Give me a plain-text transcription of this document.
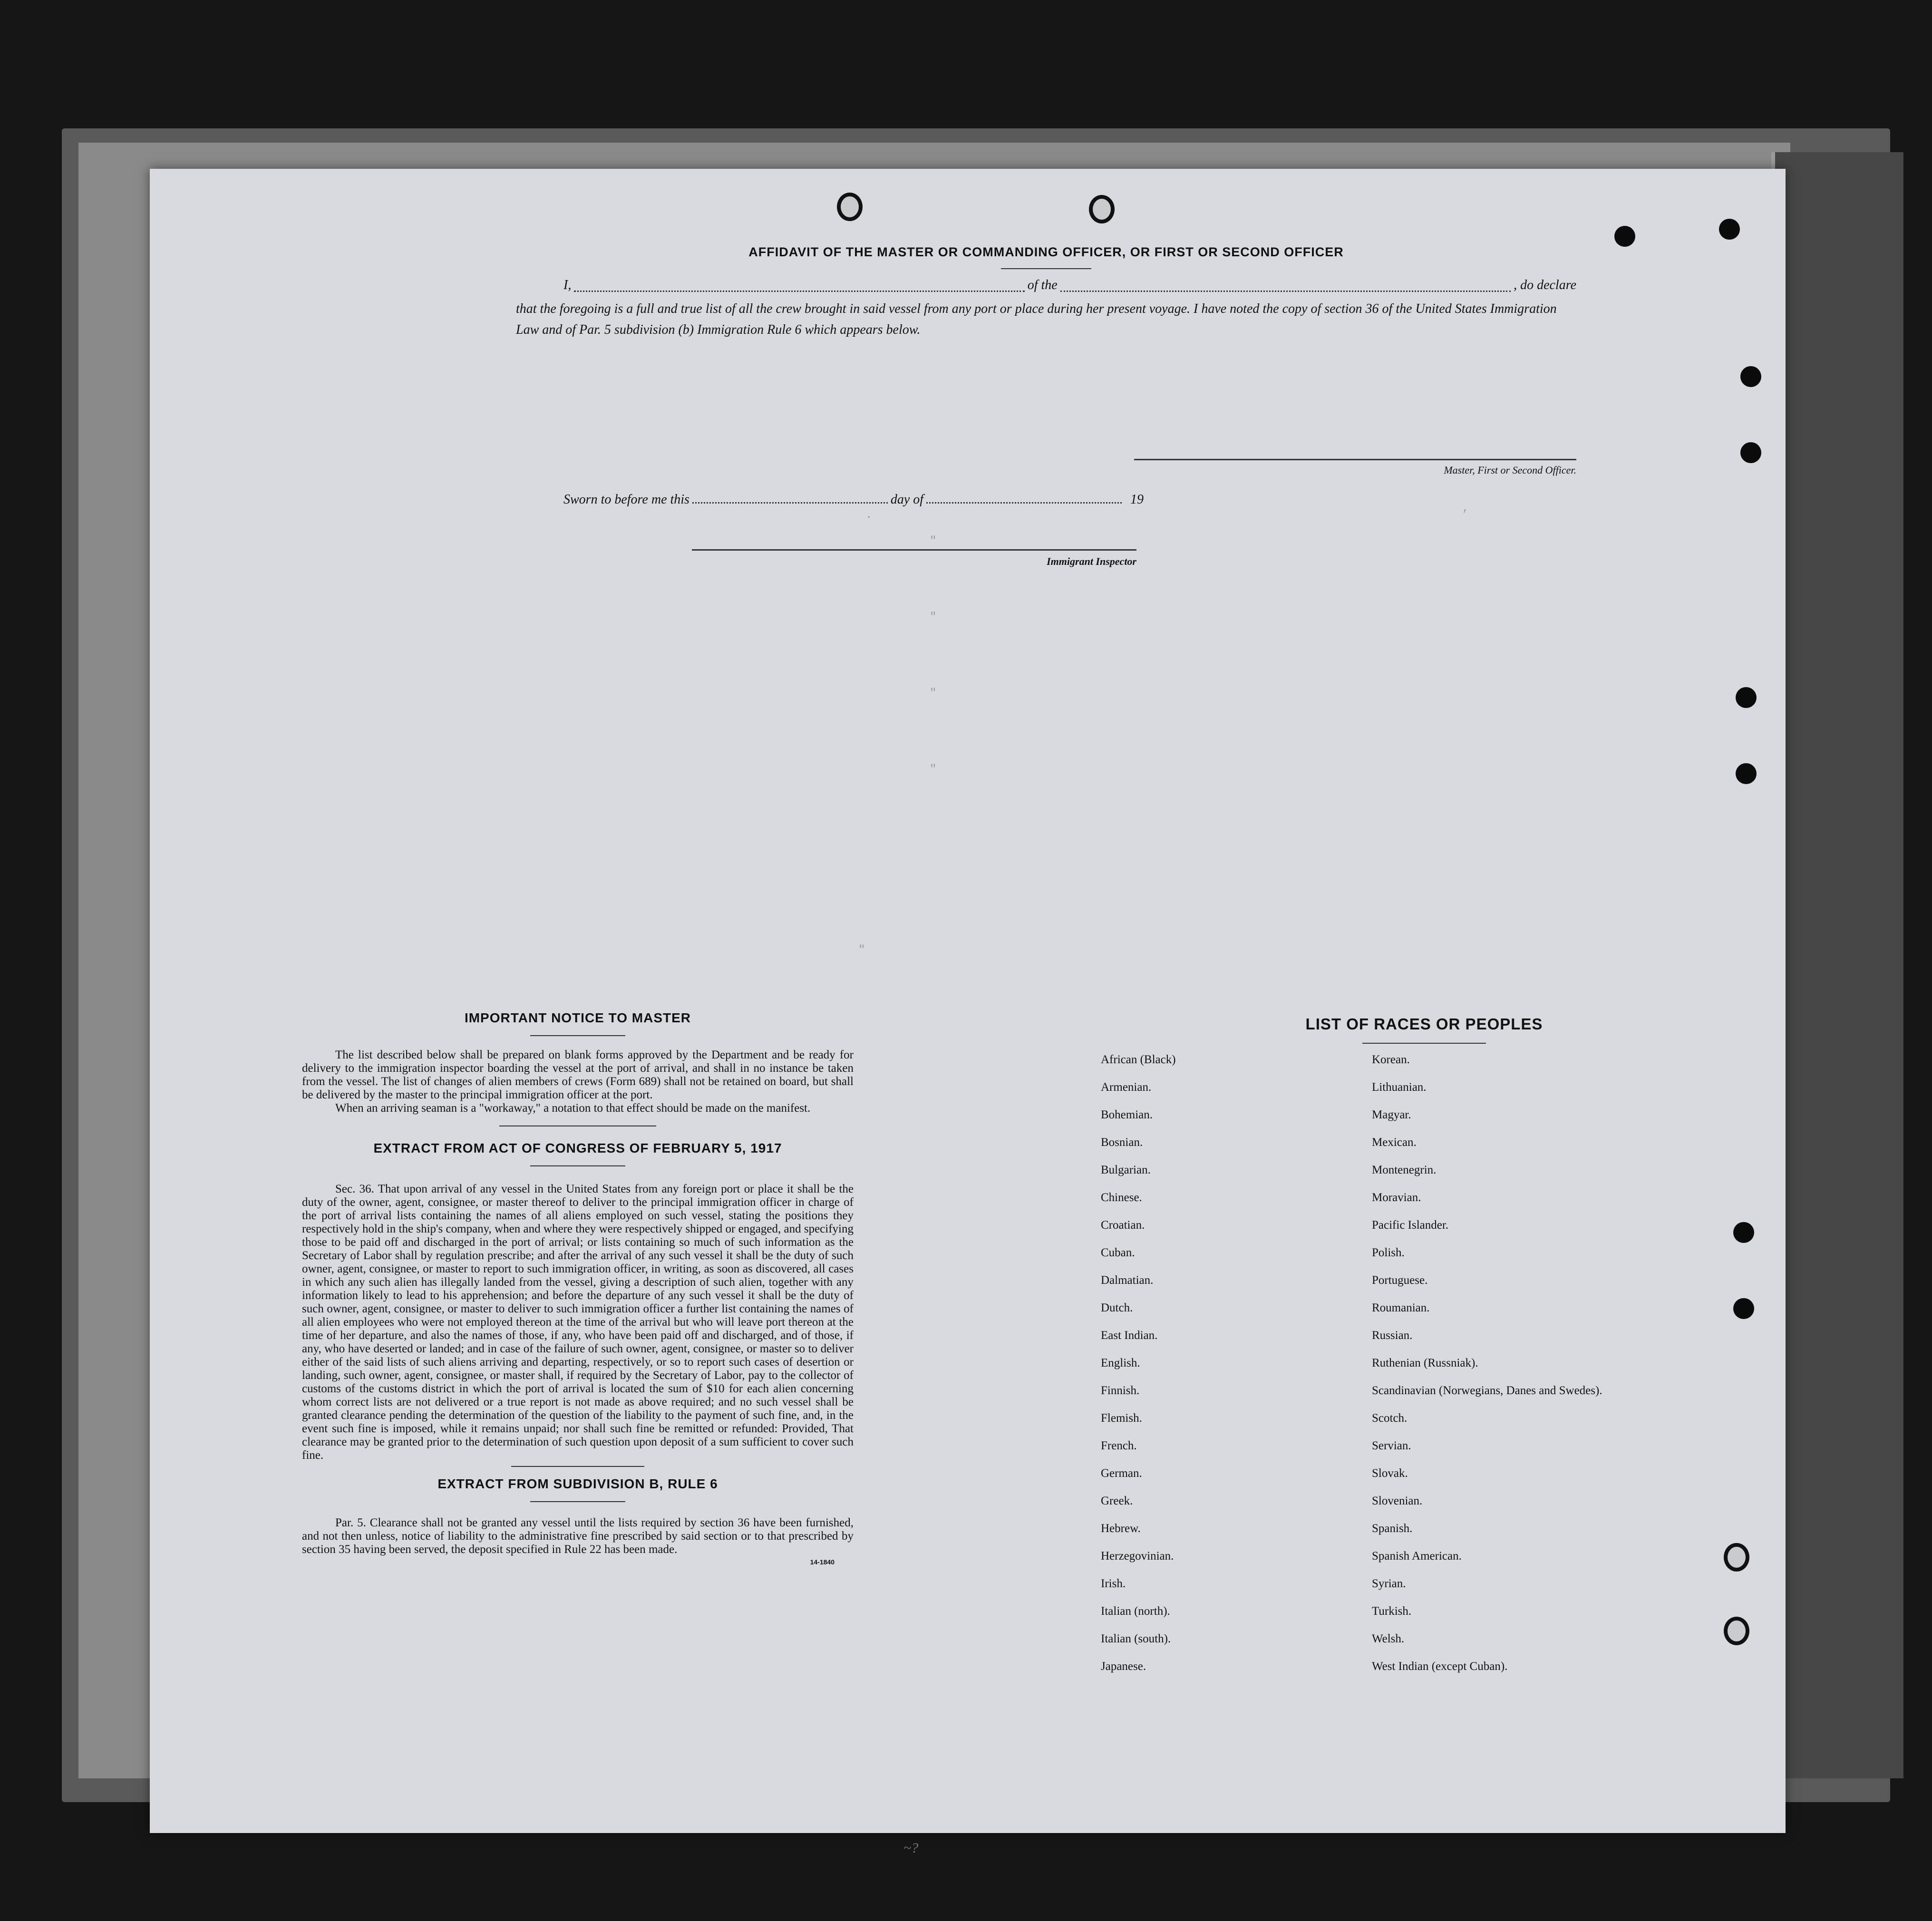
AFFIDAVIT OF THE MASTER OR COMMANDING OFFICER, OR FIRST OR SECOND OFFICER
I,	of the	, do declare
that the foregoing is a full and true list of all the crew brought in said vessel from any port or place during her present voyage. I have noted the copy of section 36 of the United States Immigration Law and of Par. 5 subdivision (b) Immigration Rule 6 which appears below.
Master, First or Second Officer.
Sworn to before me this	day of	19
Immigrant Inspector
.
"
"
"
"
"
,
IMPORTANT NOTICE TO MASTER

The list described below shall be prepared on blank forms approved by the Department and be ready for delivery to the immigration inspector boarding the vessel at the port of arrival, and shall in no instance be taken from the vessel. The list of changes of alien members of crews (Form 689) shall not be retained on board, but shall be delivered by the master to the principal immigration officer at the port.

When an arriving seaman is a "workaway," a notation to that effect should be made on the manifest.

EXTRACT FROM ACT OF CONGRESS OF FEBRUARY 5, 1917

Sec. 36. That upon arrival of any vessel in the United States from any foreign port or place it shall be the duty of the owner, agent, consignee, or master thereof to deliver to the principal immigration officer in charge of the port of arrival lists containing the names of all aliens employed on such vessel, stating the positions they respectively hold in the ship's company, when and where they were respectively shipped or engaged, and specifying those to be paid off and discharged in the port of arrival; or lists containing so much of such information as the Secretary of Labor shall by regulation prescribe; and after the arrival of any such vessel it shall be the duty of such owner, agent, consignee, or master to report to such immigration officer, in writing, as soon as discovered, all cases in which any such alien has illegally landed from the vessel, giving a description of such alien, together with any information likely to lead to his apprehension; and before the departure of any such vessel it shall be the duty of such owner, agent, consignee, or master to deliver to such immigration officer a further list containing the names of all alien employees who were not employed thereon at the time of the arrival but who will leave port thereon at the time of her departure, and also the names of those, if any, who have been paid off and discharged, and of those, if any, who have deserted or landed; and in case of the failure of such owner, agent, consignee, or master so to deliver either of the said lists of such aliens arriving and departing, respectively, or so to report such cases of desertion or landing, such owner, agent, consignee, or master shall, if required by the Secretary of Labor, pay to the collector of customs of the customs district in which the port of arrival is located the sum of $10 for each alien concerning whom correct lists are not delivered or a true report is not made as above required; and no such vessel shall be granted clearance pending the determination of the question of the liability to the payment of such fine, and, in the event such fine is imposed, while it remains unpaid; nor shall such fine be remitted or refunded: Provided, That clearance may be granted prior to the determination of such question upon deposit of a sum sufficient to cover such fine.

EXTRACT FROM SUBDIVISION B, RULE 6

Par. 5. Clearance shall not be granted any vessel until the lists required by section 36 have been furnished, and not then unless, notice of liability to the administrative fine prescribed by said section or to that prescribed by section 35 having been served, the deposit specified in Rule 22 has been made.

14-1840
LIST OF RACES OR PEOPLES
African (Black)	Korean.
Armenian.	Lithuanian.
Bohemian.	Magyar.
Bosnian.	Mexican.
Bulgarian.	Montenegrin.
Chinese.	Moravian.
Croatian.	Pacific Islander.
Cuban.	Polish.
Dalmatian.	Portuguese.
Dutch.	Roumanian.
East Indian.	Russian.
English.	Ruthenian (Russniak).
Finnish.	Scandinavian (Norwegians, Danes and Swedes).
Flemish.	Scotch.
French.	Servian.
German.	Slovak.
Greek.	Slovenian.
Hebrew.	Spanish.
Herzegovinian.	Spanish American.
Irish.	Syrian.
Italian (north).	Turkish.
Italian (south).	Welsh.
Japanese.	West Indian (except Cuban).
~?
